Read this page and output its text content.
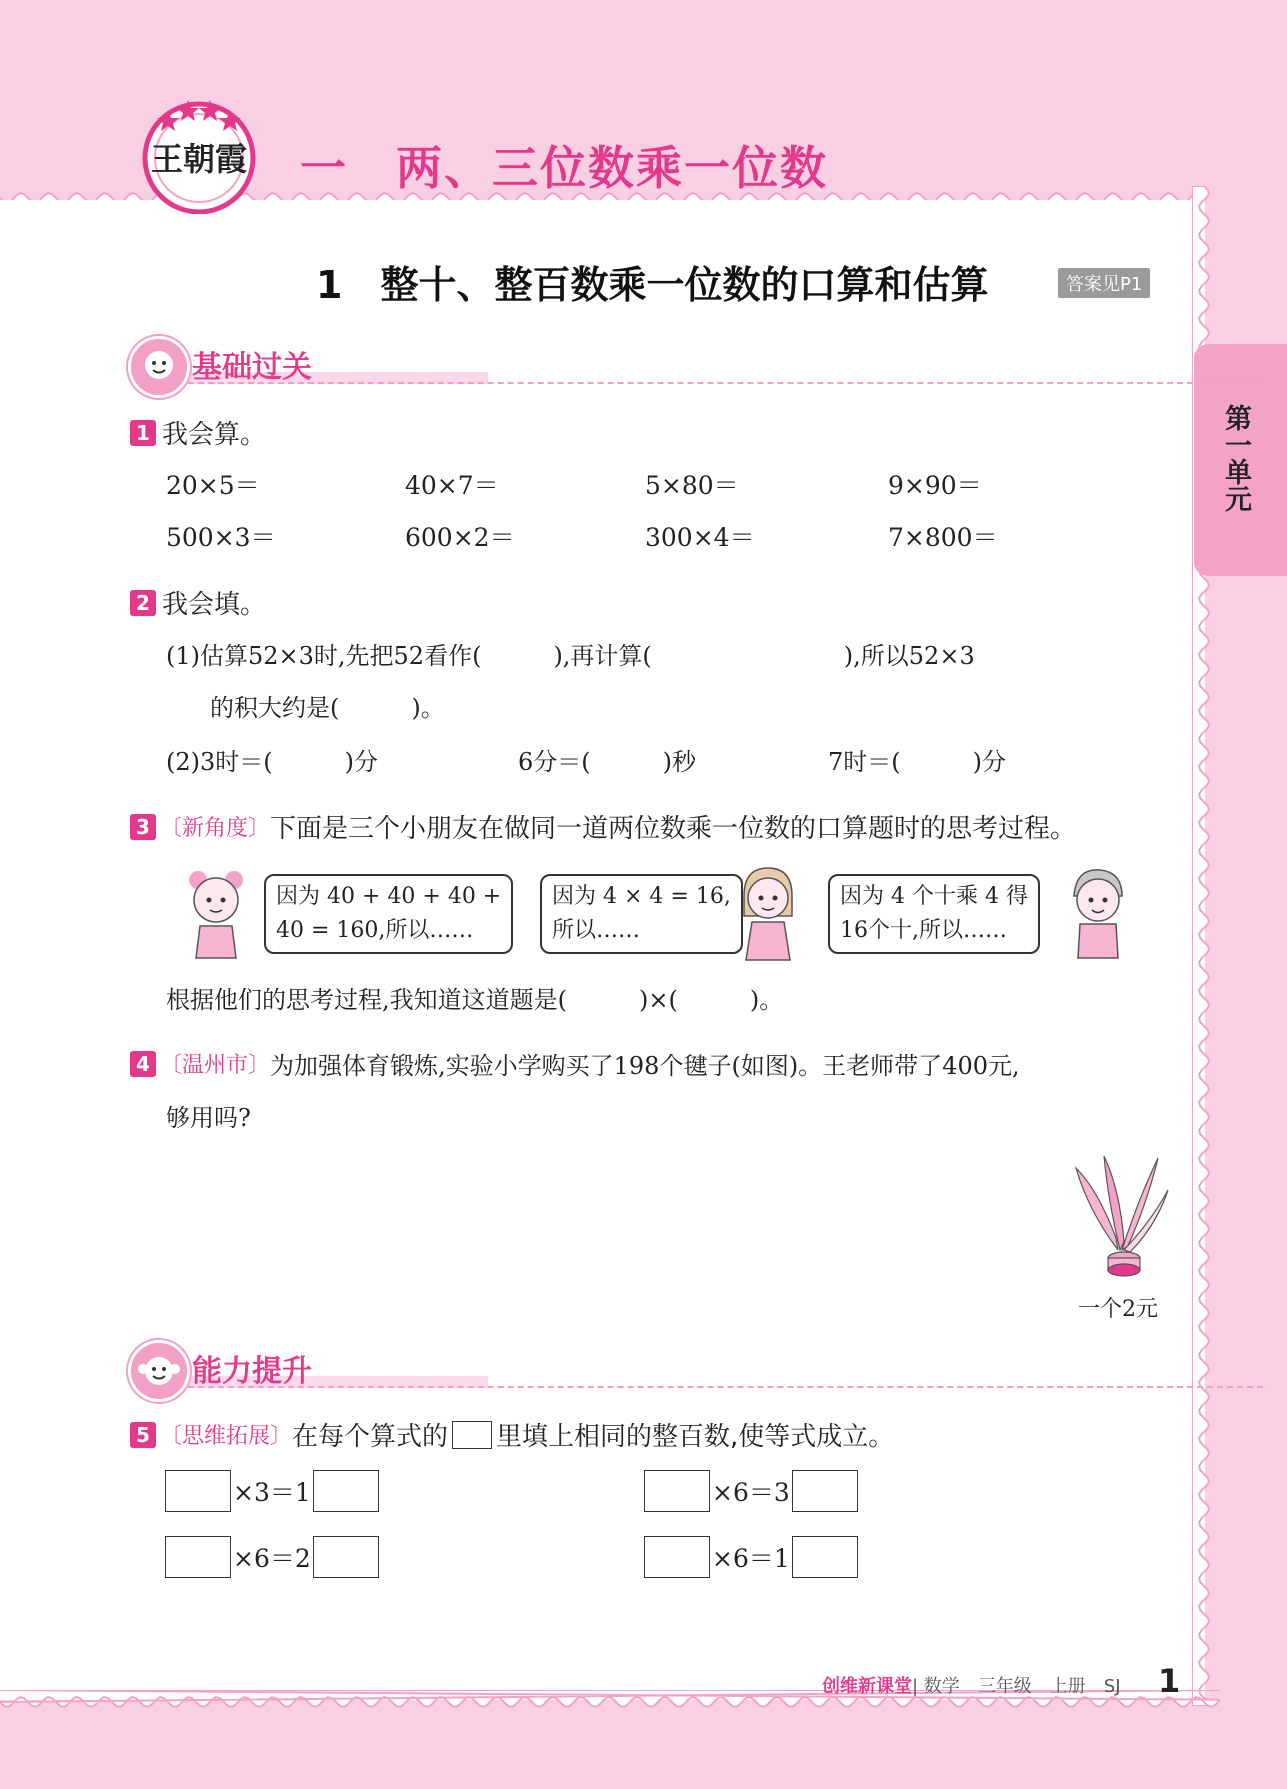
王朝霞 一　两、三位数乘一位数
1　整十、整百数乘一位数的口算和估算	答案见P1
第一单元
基础过关
1 我会算。
20×5＝	40×7＝	5×80＝	9×90＝
500×3＝	600×2＝	300×4＝	7×800＝
2 我会填。
(1)估算52×3时,先把52看作(　　　),再计算(　　　　　　　　),所以52×3
的积大约是(　　　)。
(2)3时＝(　　　)分	6分＝(　　　)秒	7时＝(　　　)分
3 〔新角度〕下面是三个小朋友在做同一道两位数乘一位数的口算题时的思考过程。
因为 40 + 40 + 40 +
40 = 160,所以……
因为 4 × 4 = 16,
所以……
因为 4 个十乘 4 得
16个十,所以……
根据他们的思考过程,我知道这道题是(　　　)×(　　　)。
4 〔温州市〕为加强体育锻炼,实验小学购买了198个毽子(如图)。王老师带了400元,
够用吗?
一个2元
能力提升
5 〔思维拓展〕在每个算式的 里填上相同的整百数,使等式成立。
×3＝1	×6＝3
×6＝2	×6＝1
创维新课堂| 数学　三年级　上册　SJ 1
